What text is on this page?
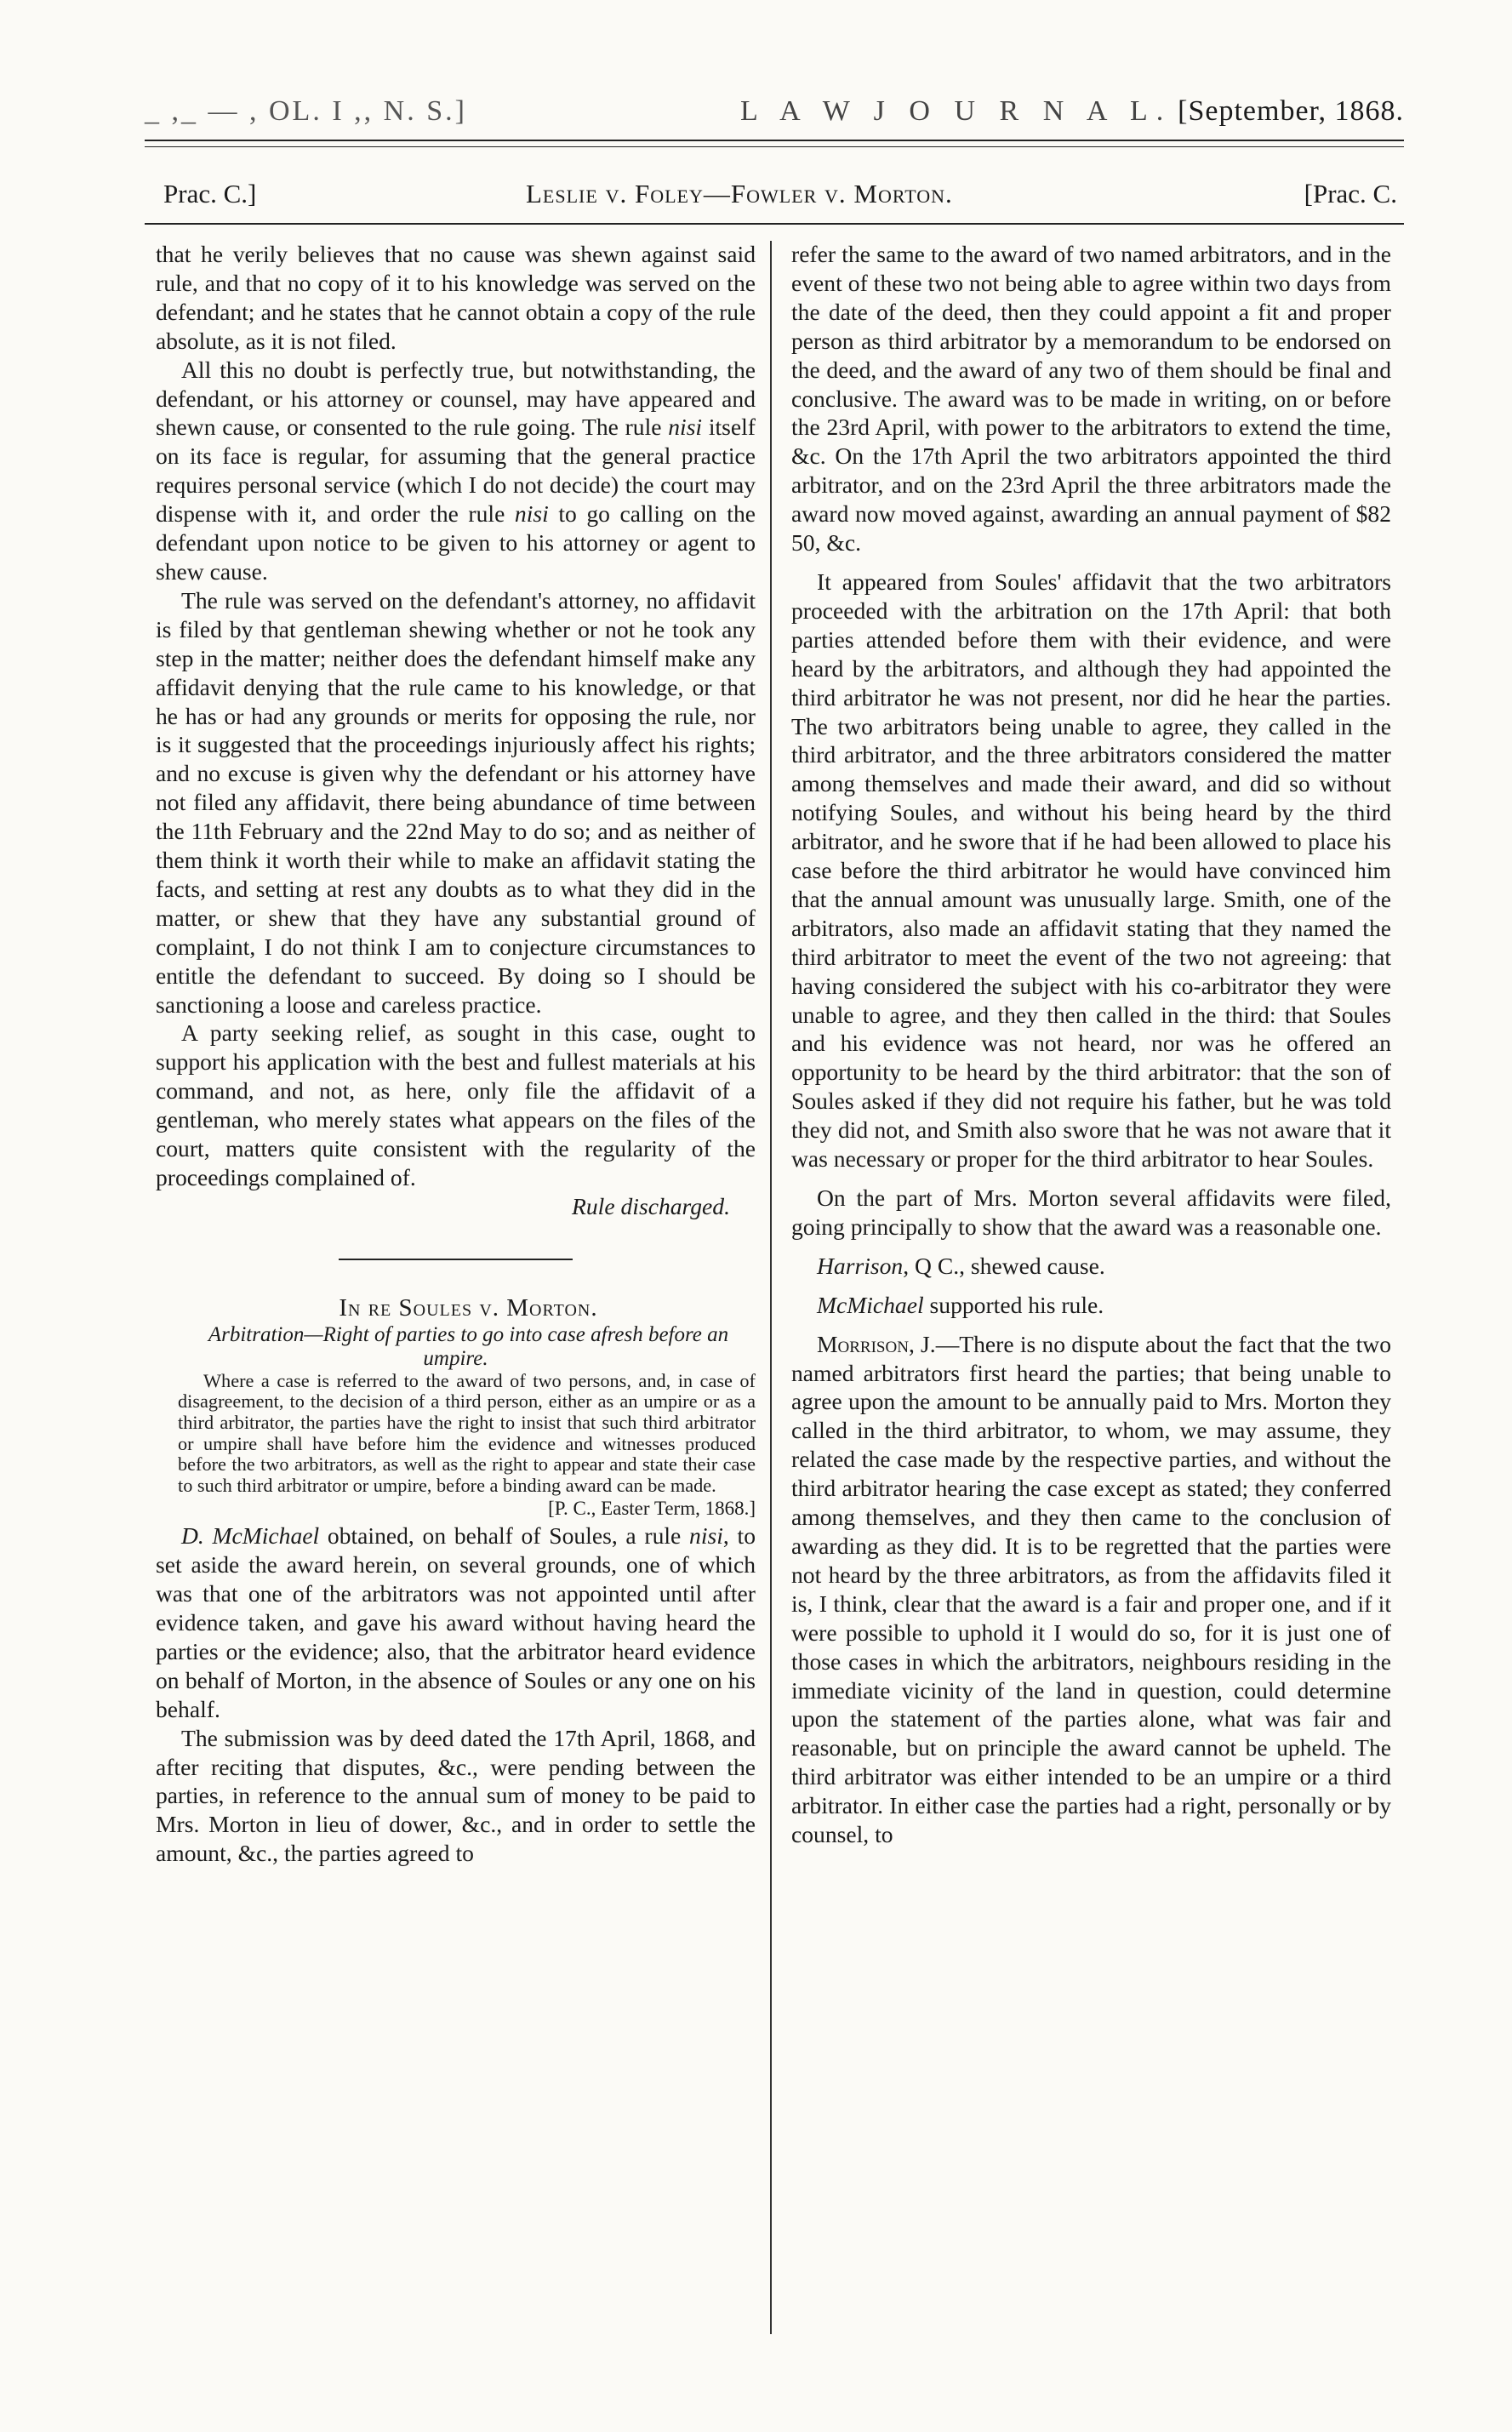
_ ,_ — , OL. I ,, N. S.]	L A W J O U R N A L. [September, 1868.
Prac. C.]	Leslie v. Foley—Fowler v. Morton.	[Prac. C.

that he verily believes that no cause was shewn against said rule, and that no copy of it to his knowledge was served on the defendant; and he states that he cannot obtain a copy of the rule absolute, as it is not filed.

All this no doubt is perfectly true, but notwithstanding, the defendant, or his attorney or counsel, may have appeared and shewn cause, or consented to the rule going. The rule nisi itself on its face is regular, for assuming that the general practice requires personal service (which I do not decide) the court may dispense with it, and order the rule nisi to go calling on the defendant upon notice to be given to his attorney or agent to shew cause.

The rule was served on the defendant's attorney, no affidavit is filed by that gentleman shewing whether or not he took any step in the matter; neither does the defendant himself make any affidavit denying that the rule came to his knowledge, or that he has or had any grounds or merits for opposing the rule, nor is it suggested that the proceedings injuriously affect his rights; and no excuse is given why the defendant or his attorney have not filed any affidavit, there being abundance of time between the 11th February and the 22nd May to do so; and as neither of them think it worth their while to make an affidavit stating the facts, and setting at rest any doubts as to what they did in the matter, or shew that they have any substantial ground of complaint, I do not think I am to conjecture circumstances to entitle the defendant to succeed. By doing so I should be sanctioning a loose and careless practice.

A party seeking relief, as sought in this case, ought to support his application with the best and fullest materials at his command, and not, as here, only file the affidavit of a gentleman, who merely states what appears on the files of the court, matters quite consistent with the regularity of the proceedings complained of.

Rule discharged.

In re Soules v. Morton.

Arbitration—Right of parties to go into case afresh before an umpire.

Where a case is referred to the award of two persons, and, in case of disagreement, to the decision of a third person, either as an umpire or as a third arbitrator, the parties have the right to insist that such third arbitrator or umpire shall have before him the evidence and witnesses produced before the two arbitrators, as well as the right to appear and state their case to such third arbitrator or umpire, before a binding award can be made.

[P. C., Easter Term, 1868.]

D. McMichael obtained, on behalf of Soules, a rule nisi, to set aside the award herein, on several grounds, one of which was that one of the arbitrators was not appointed until after evidence taken, and gave his award without having heard the parties or the evidence; also, that the arbitrator heard evidence on behalf of Morton, in the absence of Soules or any one on his behalf.

The submission was by deed dated the 17th April, 1868, and after reciting that disputes, &c., were pending between the parties, in reference to the annual sum of money to be paid to Mrs. Morton in lieu of dower, &c., and in order to settle the amount, &c., the parties agreed to

refer the same to the award of two named arbitrators, and in the event of these two not being able to agree within two days from the date of the deed, then they could appoint a fit and proper person as third arbitrator by a memorandum to be endorsed on the deed, and the award of any two of them should be final and conclusive. The award was to be made in writing, on or before the 23rd April, with power to the arbitrators to extend the time, &c. On the 17th April the two arbitrators appointed the third arbitrator, and on the 23rd April the three arbitrators made the award now moved against, awarding an annual payment of $82 50, &c.

It appeared from Soules' affidavit that the two arbitrators proceeded with the arbitration on the 17th April: that both parties attended before them with their evidence, and were heard by the arbitrators, and although they had appointed the third arbitrator he was not present, nor did he hear the parties. The two arbitrators being unable to agree, they called in the third arbitrator, and the three arbitrators considered the matter among themselves and made their award, and did so without notifying Soules, and without his being heard by the third arbitrator, and he swore that if he had been allowed to place his case before the third arbitrator he would have convinced him that the annual amount was unusually large. Smith, one of the arbitrators, also made an affidavit stating that they named the third arbitrator to meet the event of the two not agreeing: that having considered the subject with his co-arbitrator they were unable to agree, and they then called in the third: that Soules and his evidence was not heard, nor was he offered an opportunity to be heard by the third arbitrator: that the son of Soules asked if they did not require his father, but he was told they did not, and Smith also swore that he was not aware that it was necessary or proper for the third arbitrator to hear Soules.

On the part of Mrs. Morton several affidavits were filed, going principally to show that the award was a reasonable one.

Harrison, Q C., shewed cause.

McMichael supported his rule.

Morrison, J.—There is no dispute about the fact that the two named arbitrators first heard the parties; that being unable to agree upon the amount to be annually paid to Mrs. Morton they called in the third arbitrator, to whom, we may assume, they related the case made by the respective parties, and without the third arbitrator hearing the case except as stated; they conferred among themselves, and they then came to the conclusion of awarding as they did. It is to be regretted that the parties were not heard by the three arbitrators, as from the affidavits filed it is, I think, clear that the award is a fair and proper one, and if it were possible to uphold it I would do so, for it is just one of those cases in which the arbitrators, neighbours residing in the immediate vicinity of the land in question, could determine upon the statement of the parties alone, what was fair and reasonable, but on principle the award cannot be upheld. The third arbitrator was either intended to be an umpire or a third arbitrator. In either case the parties had a right, personally or by counsel, to
